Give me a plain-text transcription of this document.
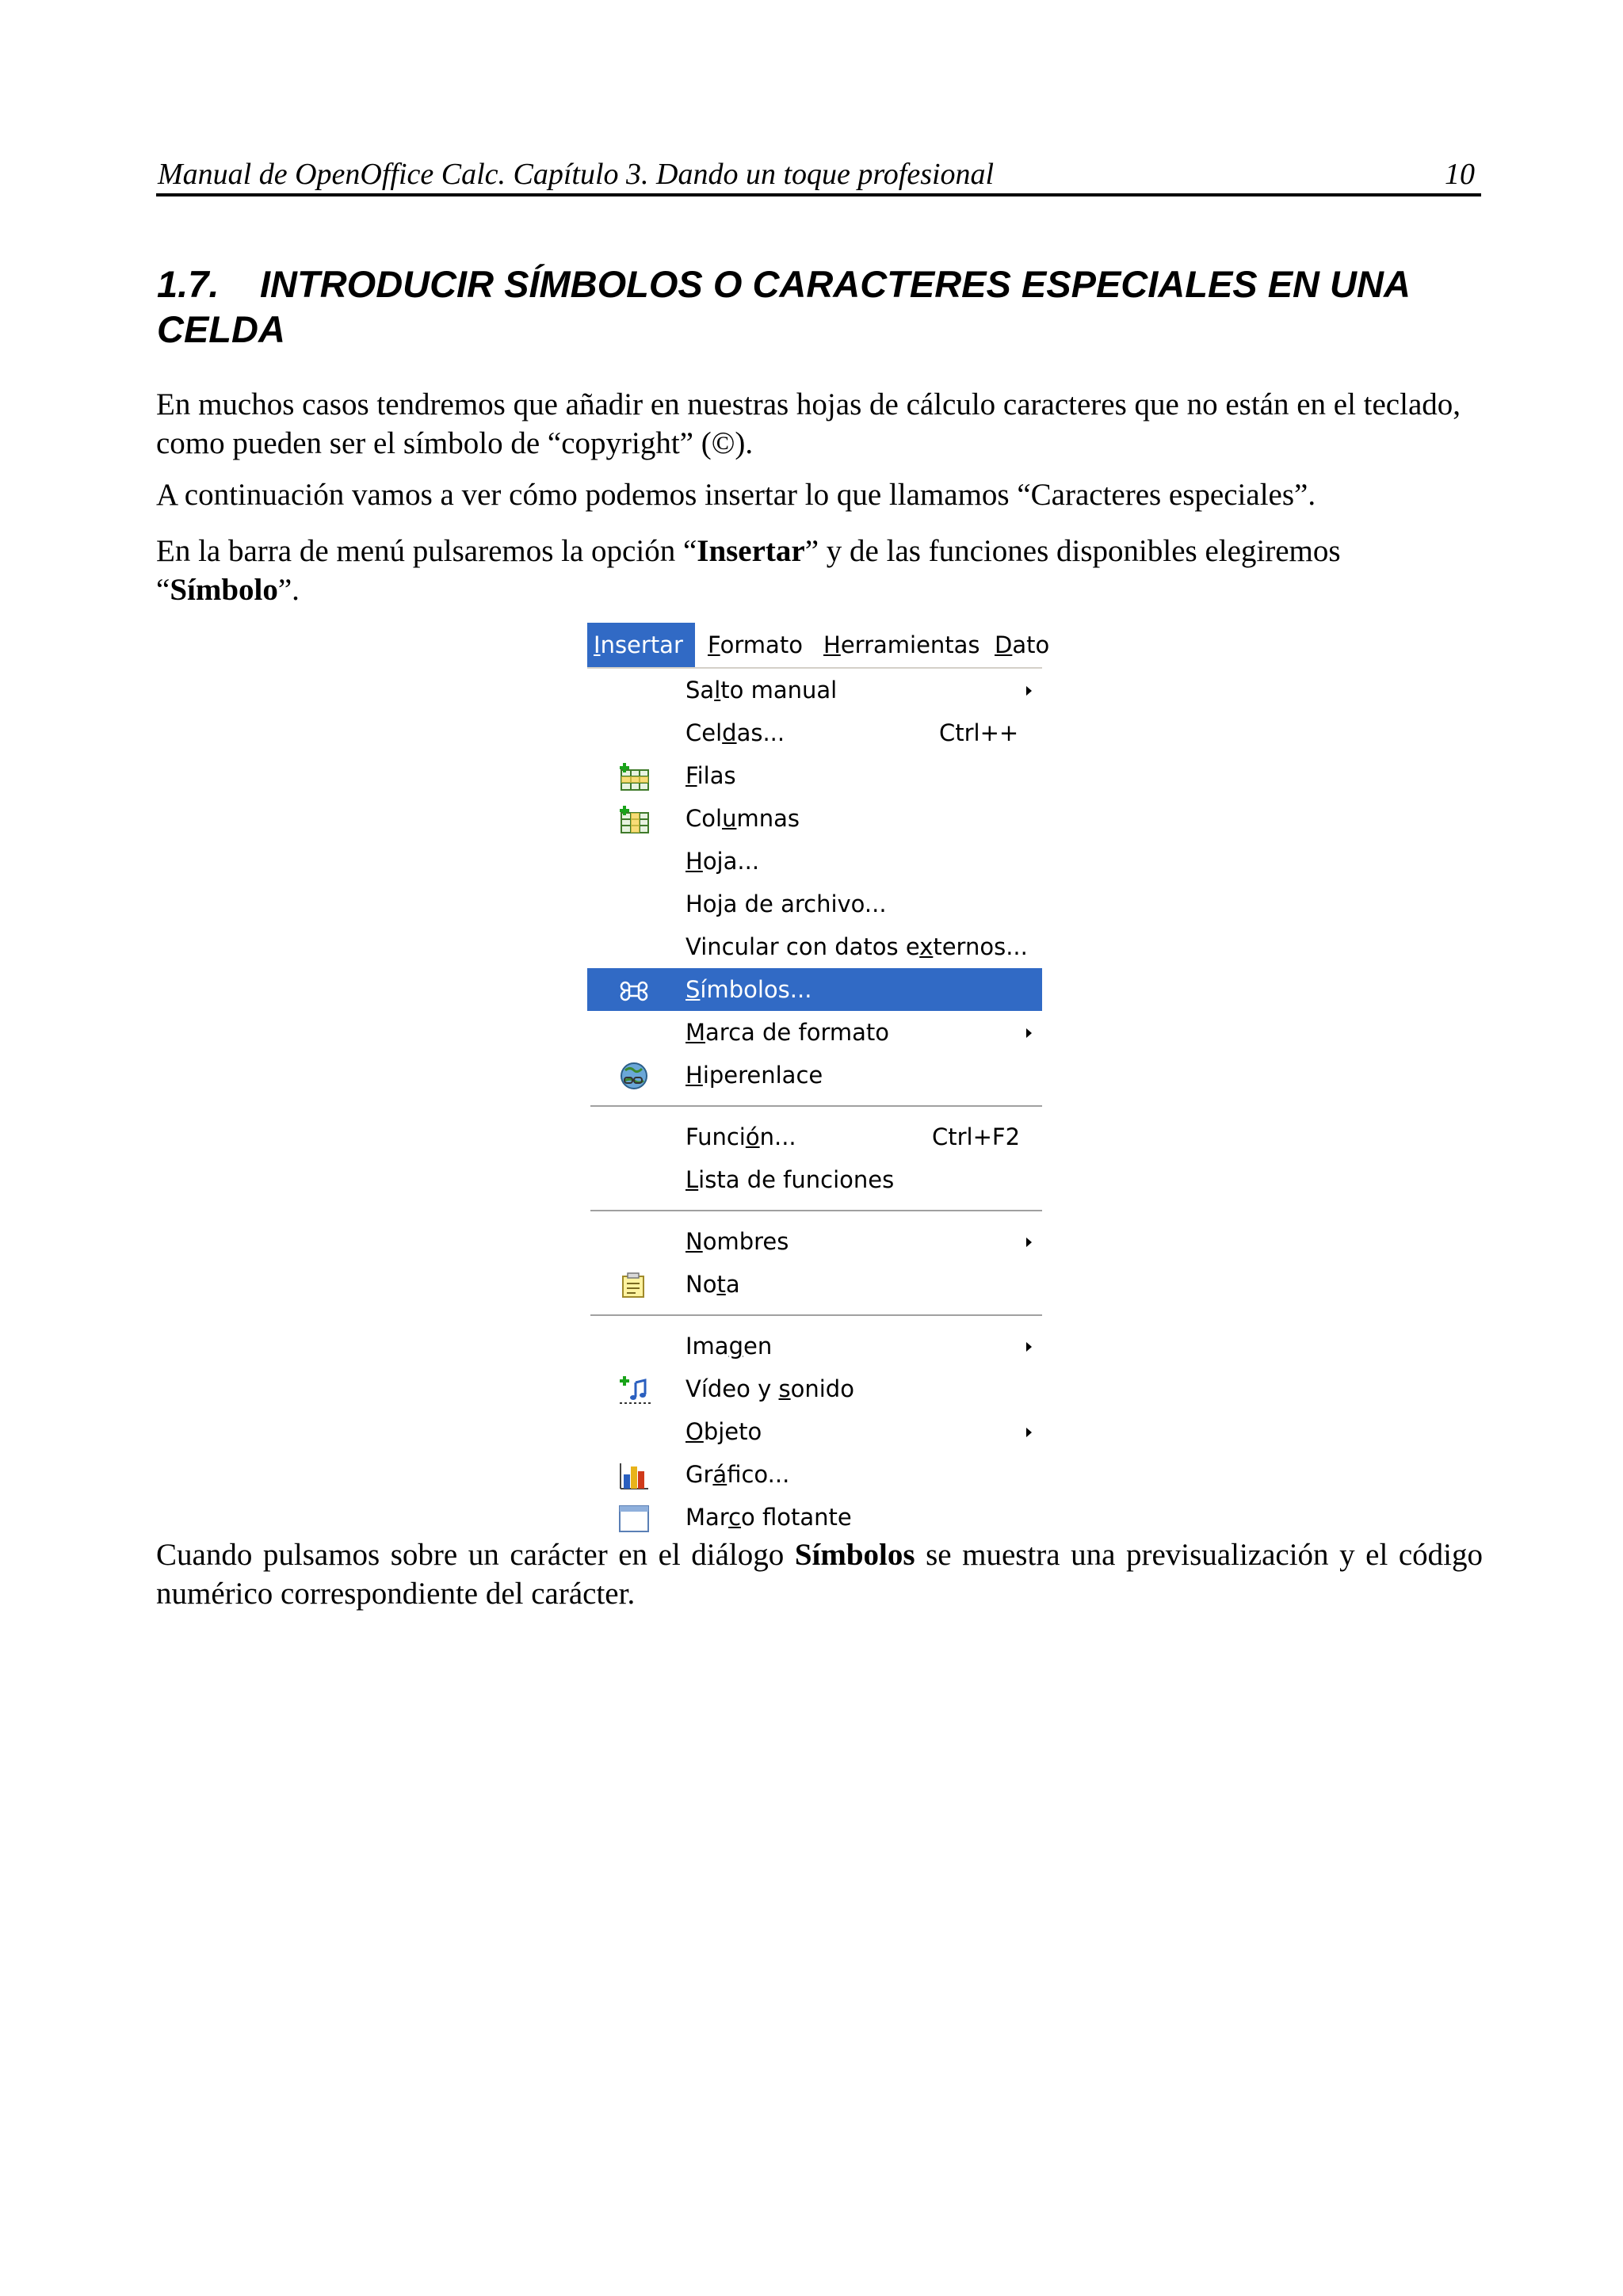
Manual de OpenOffice Calc. Capítulo 3. Dando un toque profesional	10
1.7. INTRODUCIR SÍMBOLOS O CARACTERES ESPECIALES EN UNA
CELDA

En muchos casos tendremos que añadir en nuestras hojas de cálculo caracteres que no están en el teclado, como pueden ser el símbolo de “copyright” (©).

A continuación vamos a ver cómo podemos insertar lo que llamamos “Caracteres especiales”.

En la barra de menú pulsaremos la opción “Insertar” y de las funciones disponibles elegiremos “Símbolo”.

Insertar	Formato Herramientas Dato
Salto manual
Celdas...	Ctrl++
Filas
Columnas
Hoja...
Hoja de archivo...
Vincular con datos externos...
Símbolos...
Marca de formato
Hiperenlace
Función...	Ctrl+F2
Lista de funciones
Nombres
Nota
Imagen
Vídeo y sonido
Objeto
Gráfico...
Marco flotante

Cuando pulsamos sobre un carácter en el diálogo Símbolos se muestra una previsualización y el código numérico correspondiente del carácter.
